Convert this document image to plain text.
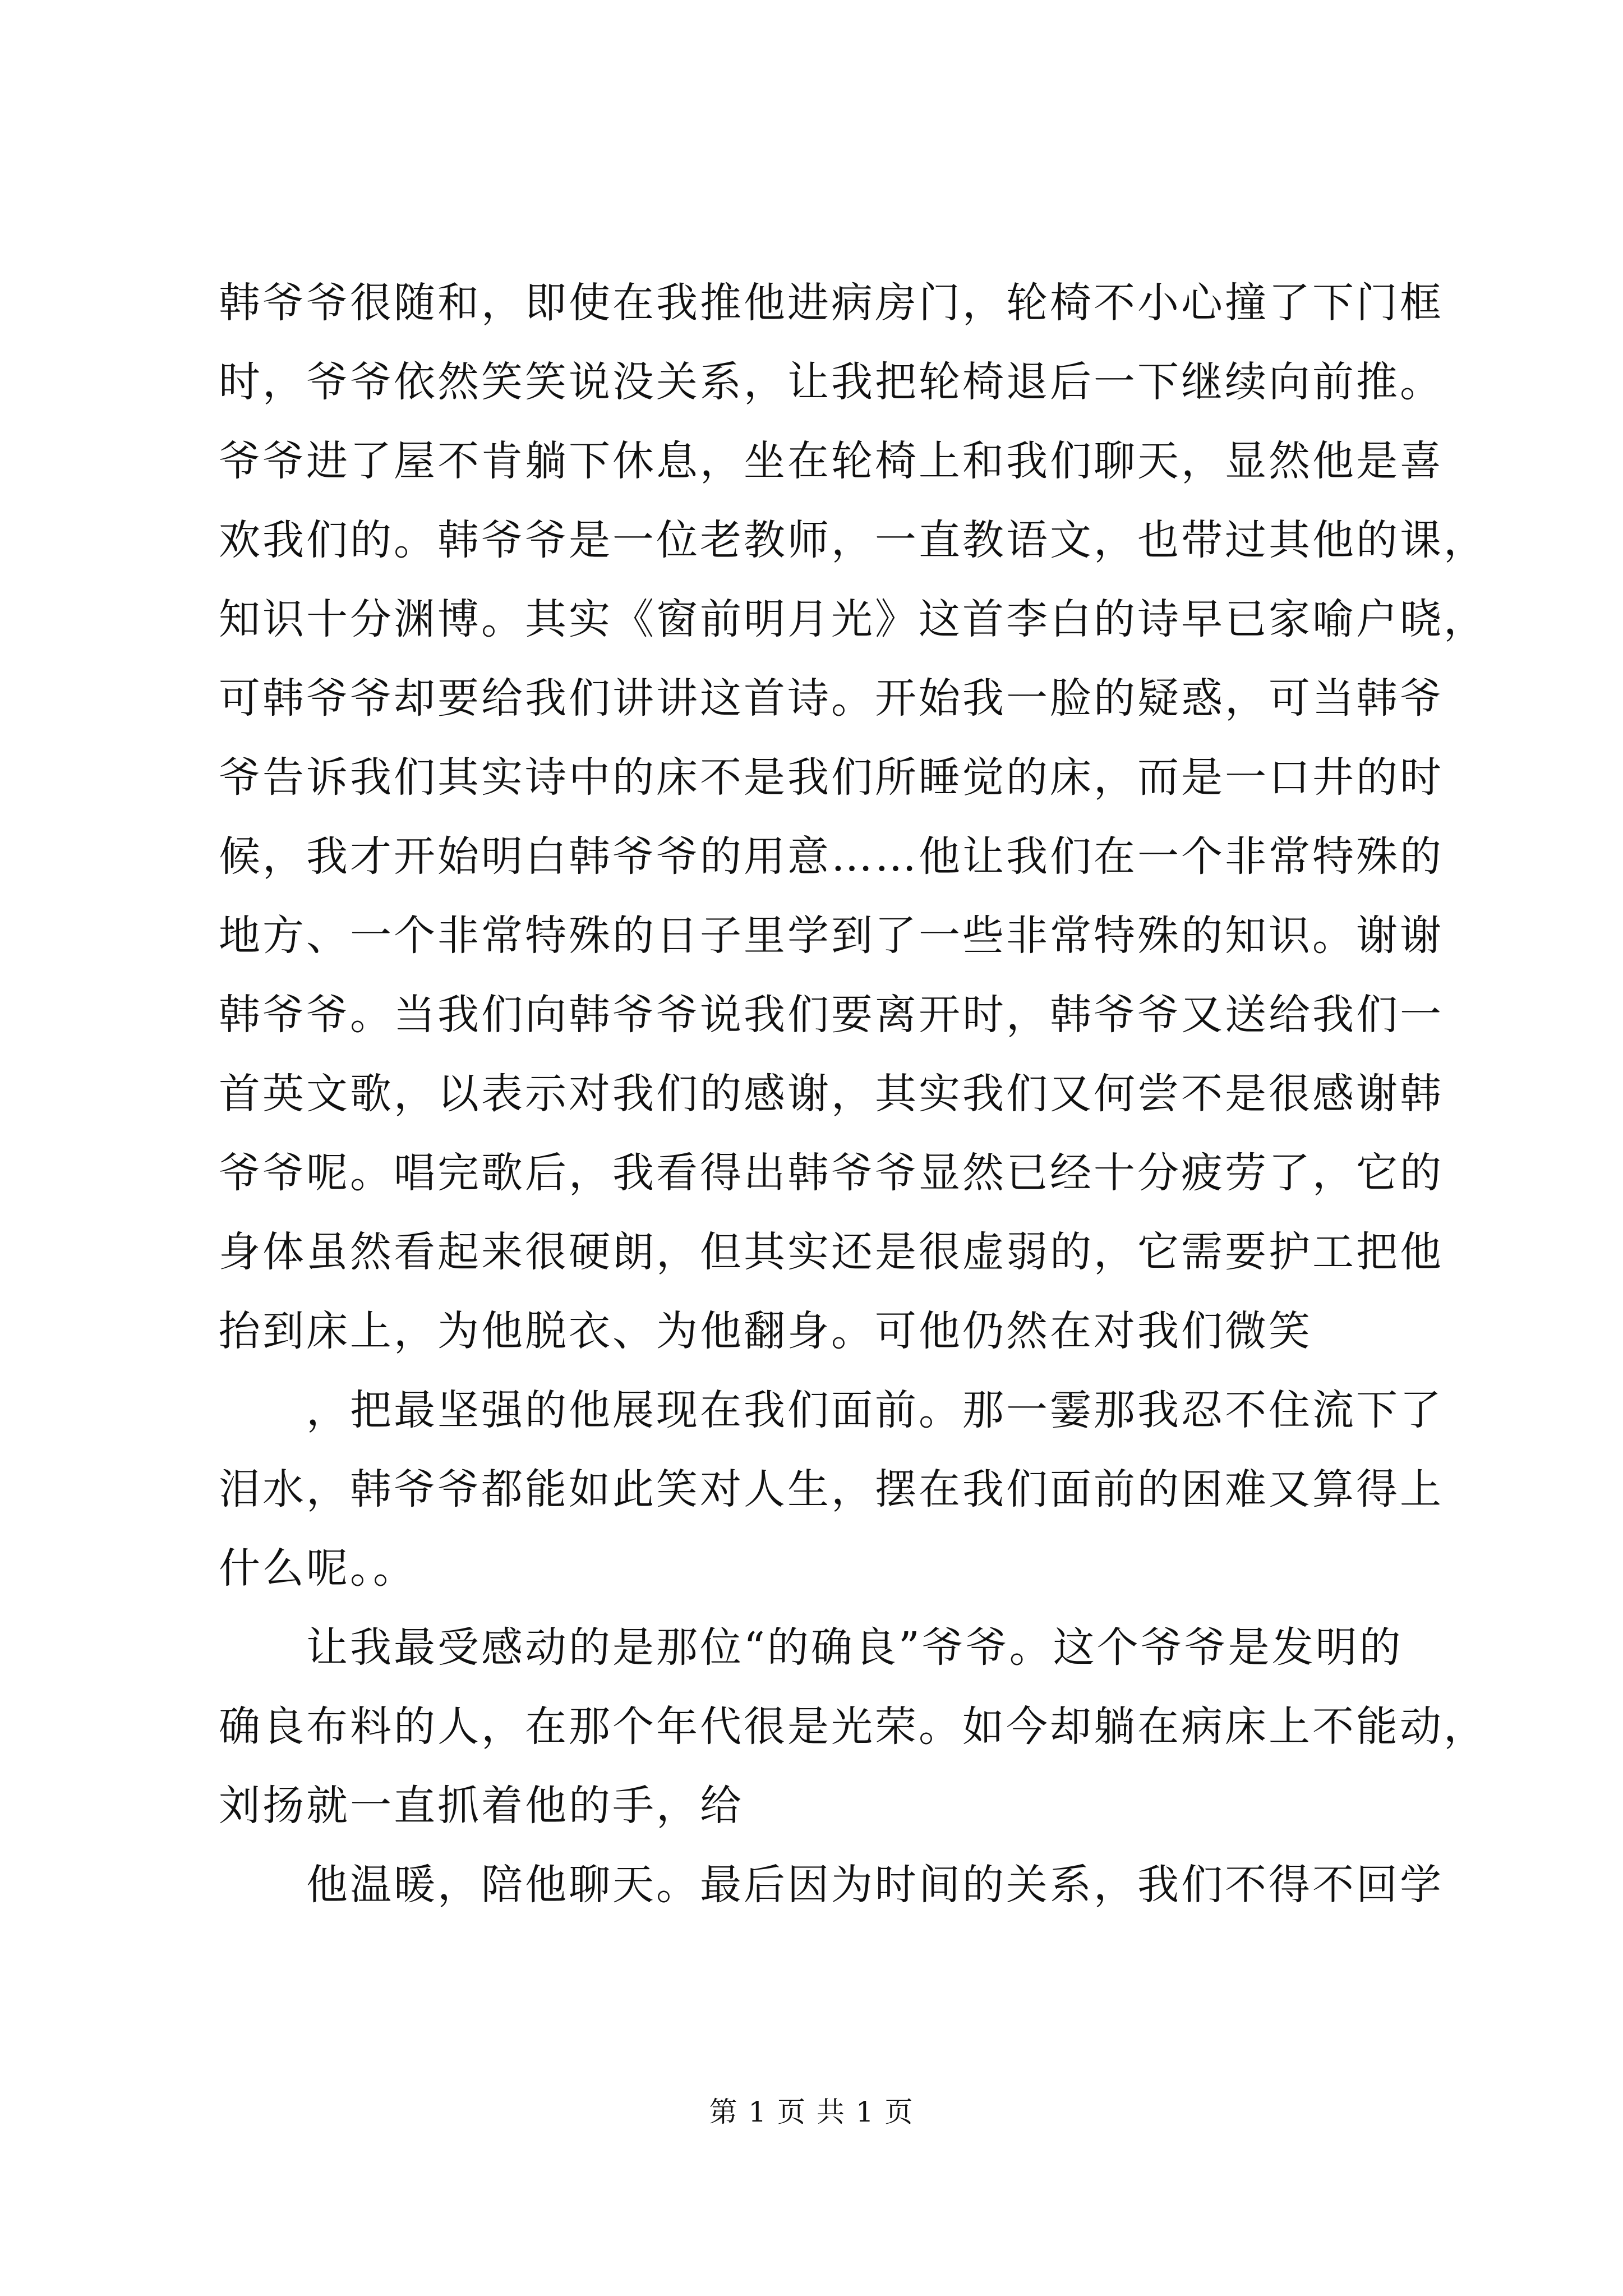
韩爷爷很随和，即使在我推他进病房门，轮椅不小心撞了下门框
时，爷爷依然笑笑说没关系，让我把轮椅退后一下继续向前推。
爷爷进了屋不肯躺下休息，坐在轮椅上和我们聊天，显然他是喜
欢我们的。韩爷爷是一位老教师，一直教语文，也带过其他的课，
知识十分渊博。其实《窗前明月光》这首李白的诗早已家喻户晓，
可韩爷爷却要给我们讲讲这首诗。开始我一脸的疑惑，可当韩爷
爷告诉我们其实诗中的床不是我们所睡觉的床，而是一口井的时
候，我才开始明白韩爷爷的用意……他让我们在一个非常特殊的
地方、一个非常特殊的日子里学到了一些非常特殊的知识。谢谢
韩爷爷。当我们向韩爷爷说我们要离开时，韩爷爷又送给我们一
首英文歌，以表示对我们的感谢，其实我们又何尝不是很感谢韩
爷爷呢。唱完歌后，我看得出韩爷爷显然已经十分疲劳了，它的
身体虽然看起来很硬朗，但其实还是很虚弱的，它需要护工把他
抬到床上，为他脱衣、为他翻身。可他仍然在对我们微笑
　　，把最坚强的他展现在我们面前。那一霎那我忍不住流下了
泪水，韩爷爷都能如此笑对人生，摆在我们面前的困难又算得上
什么呢。。
　　让我最受感动的是那位“的确良”爷爷。这个爷爷是发明的
确良布料的人，在那个年代很是光荣。如今却躺在病床上不能动，
刘扬就一直抓着他的手，给
　　他温暖，陪他聊天。最后因为时间的关系，我们不得不回学
第 1 页 共 1 页
